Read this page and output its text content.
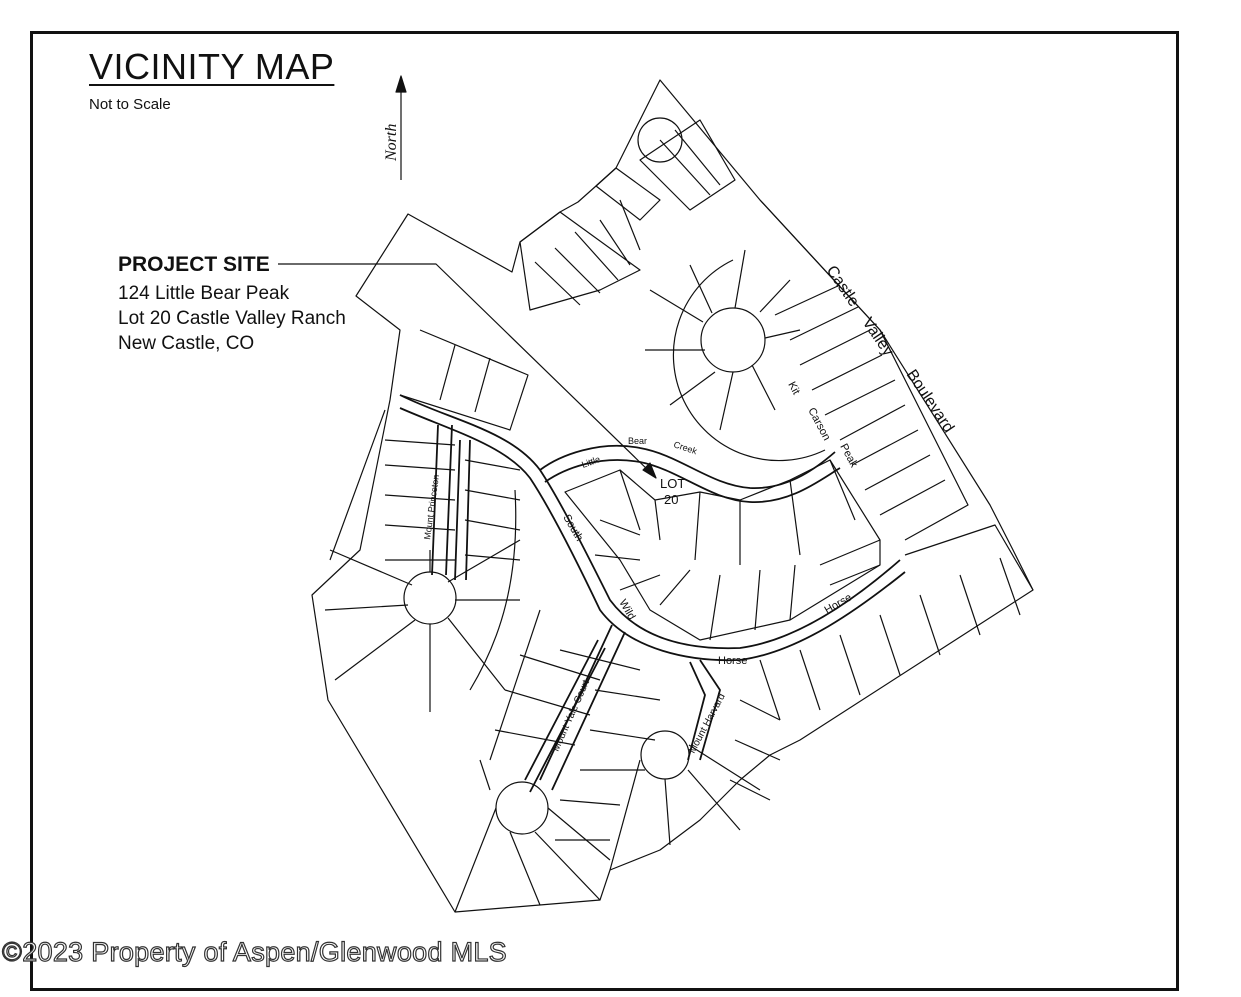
VICINITY MAP
Not to Scale
North
PROJECT SITE
124 Little Bear Peak
Lot 20 Castle Valley Ranch
New Castle, CO
LOT
20
Castle
Valley
Boulevard
Kit
Carson
Peak
Little
Bear	Creek
South
Wild	Horse
Horse
Mount Princeton
Mount Yale Court	Mount Harvard
©2023 Property of Aspen/Glenwood MLS
